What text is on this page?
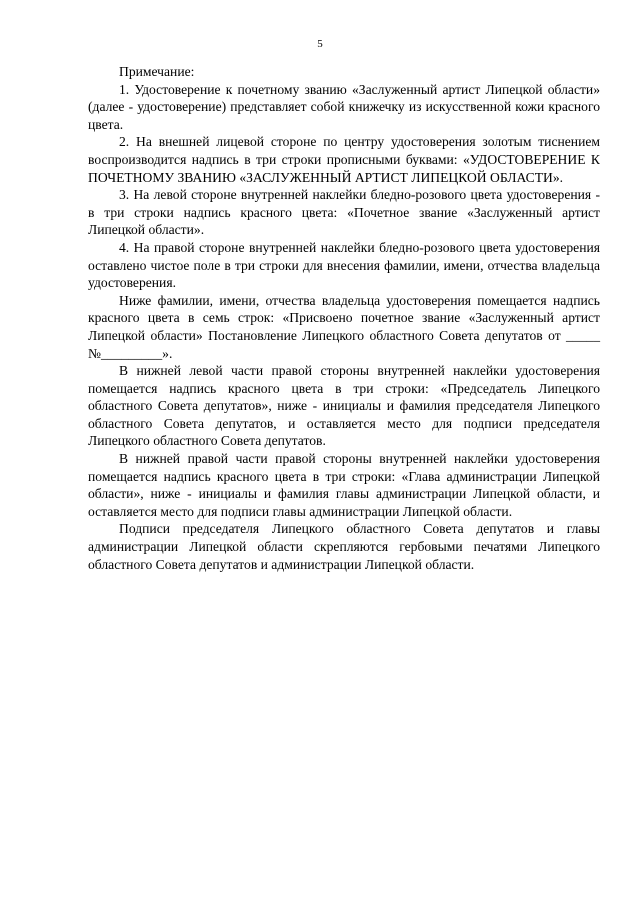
5

Примечание:

1. Удостоверение к почетному званию «Заслуженный артист Липецкой области» (далее - удостоверение) представляет собой книжечку из искусственной кожи красного цвета.

2. На внешней лицевой стороне по центру удостоверения золотым тиснением воспроизводится надпись в три строки прописными буквами: «УДОСТОВЕРЕНИЕ К ПОЧЕТНОМУ ЗВАНИЮ «ЗАСЛУЖЕННЫЙ АРТИСТ ЛИПЕЦКОЙ ОБЛАСТИ».

3. На левой стороне внутренней наклейки бледно-розового цвета удостоверения - в три строки надпись красного цвета: «Почетное звание «Заслуженный артист Липецкой области».

4. На правой стороне внутренней наклейки бледно-розового цвета удостоверения оставлено чистое поле в три строки для внесения фамилии, имени, отчества владельца удостоверения.

Ниже фамилии, имени, отчества владельца удостоверения помещается надпись красного цвета в семь строк: «Присвоено почетное звание «Заслуженный артист Липецкой области» Постановление Липецкого областного Совета депутатов от _____ №_________».

В нижней левой части правой стороны внутренней наклейки удостоверения помещается надпись красного цвета в три строки: «Председатель Липецкого областного Совета депутатов», ниже - инициалы и фамилия председателя Липецкого областного Совета депутатов, и оставляется место для подписи председателя Липецкого областного Совета депутатов.

В нижней правой части правой стороны внутренней наклейки удостоверения помещается надпись красного цвета в три строки: «Глава администрации Липецкой области», ниже - инициалы и фамилия главы администрации Липецкой области, и оставляется место для подписи главы администрации Липецкой области.

Подписи председателя Липецкого областного Совета депутатов и главы администрации Липецкой области скрепляются гербовыми печатями Липецкого областного Совета депутатов и администрации Липецкой области.
